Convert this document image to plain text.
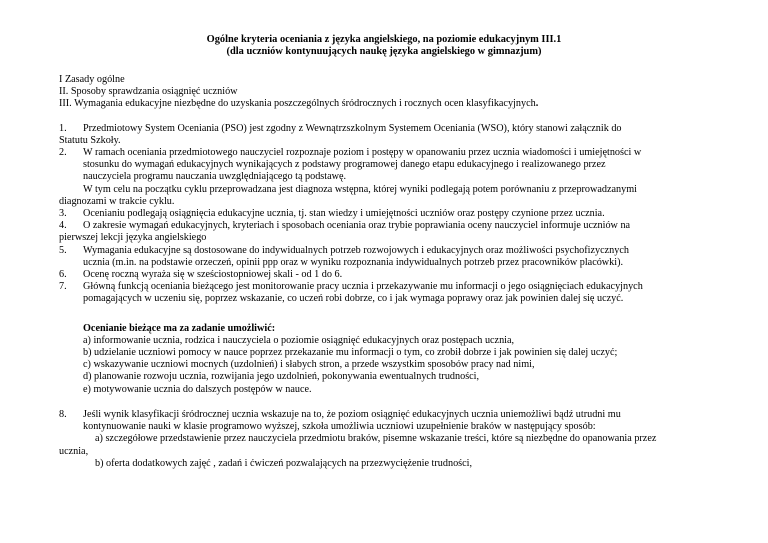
Ogólne kryteria oceniania z języka angielskiego, na poziomie edukacyjnym III.1
(dla uczniów kontynuujących naukę języka angielskiego w gimnazjum)
I Zasady ogólne
II. Sposoby sprawdzania osiągnięć uczniów
III. Wymagania edukacyjne niezbędne do uzyskania poszczególnych śródrocznych i rocznych ocen klasyfikacyjnych.
1. Przedmiotowy System Oceniania (PSO) jest zgodny z Wewnątrzszkolnym Systemem Oceniania (WSO), który stanowi załącznik do
Statutu Szkoły.
2. W ramach oceniania przedmiotowego nauczyciel rozpoznaje poziom i postępy w opanowaniu przez ucznia wiadomości i umiejętności w
stosunku do wymagań edukacyjnych wynikających z podstawy programowej danego etapu edukacyjnego i realizowanego przez
nauczyciela programu nauczania uwzględniającego tą podstawę.
W tym celu na początku cyklu przeprowadzana jest diagnoza wstępna, której wyniki podlegają potem porównaniu z przeprowadzanymi
diagnozami w trakcie cyklu.
3. Ocenianiu podlegają osiągnięcia edukacyjne ucznia, tj. stan wiedzy i umiejętności uczniów oraz postępy czynione przez ucznia.
4. O zakresie wymagań edukacyjnych, kryteriach i sposobach oceniania oraz trybie poprawiania oceny nauczyciel informuje uczniów na
pierwszej lekcji języka angielskiego
5. Wymagania edukacyjne są dostosowane do indywidualnych potrzeb rozwojowych i edukacyjnych oraz możliwości psychofizycznych
ucznia (m.in. na podstawie orzeczeń, opinii ppp oraz w wyniku rozpoznania indywidualnych potrzeb przez pracowników placówki).
6. Ocenę roczną wyraża się w sześciostopniowej skali - od 1 do 6.
7. Główną funkcją oceniania bieżącego jest monitorowanie pracy ucznia i przekazywanie mu informacji o jego osiągnięciach edukacyjnych
pomagających w uczeniu się, poprzez wskazanie, co uczeń robi dobrze, co i jak wymaga poprawy oraz jak powinien dalej się uczyć.
Ocenianie bieżące ma za zadanie umożliwić:
a) informowanie ucznia, rodzica i nauczyciela o poziomie osiągnięć edukacyjnych oraz postępach ucznia,
b) udzielanie uczniowi pomocy w nauce poprzez przekazanie mu informacji o tym, co zrobił dobrze i jak powinien się dalej uczyć;
c) wskazywanie uczniowi mocnych (uzdolnień) i słabych stron, a przede wszystkim sposobów pracy nad nimi,
d) planowanie rozwoju ucznia, rozwijania jego uzdolnień, pokonywania ewentualnych trudności,
e) motywowanie ucznia do dalszych postępów w nauce.
8. Jeśli wynik klasyfikacji śródrocznej ucznia wskazuje na to, że poziom osiągnięć edukacyjnych ucznia uniemożliwi bądź utrudni mu
kontynuowanie nauki w klasie programowo wyższej, szkoła umożliwia uczniowi uzupełnienie braków w następujący sposób:
a) szczegółowe przedstawienie przez nauczyciela przedmiotu braków, pisemne wskazanie treści, które są niezbędne do opanowania przez
ucznia,
b) oferta dodatkowych zajęć , zadań i ćwiczeń pozwalających na przezwyciężenie trudności,
